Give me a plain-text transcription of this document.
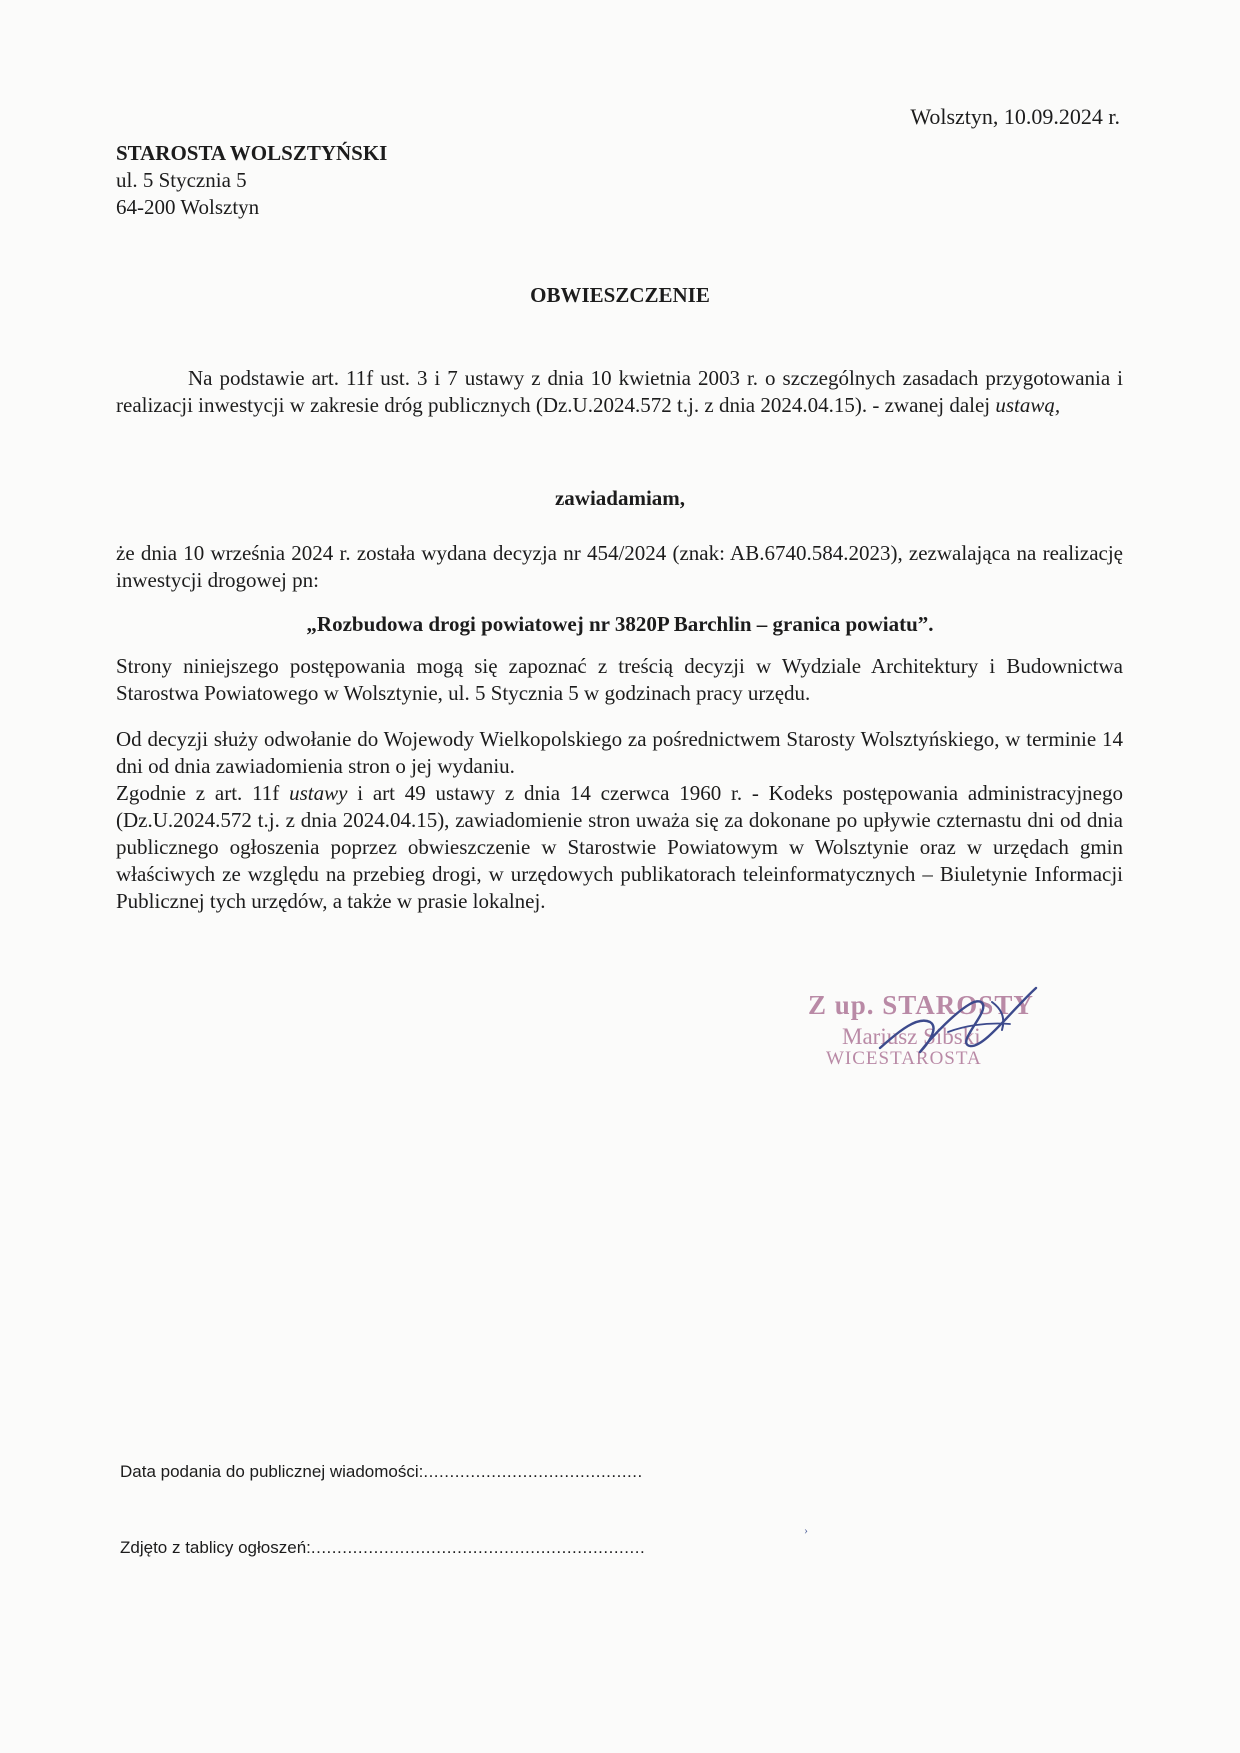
Wolsztyn, 10.09.2024 r.
STAROSTA WOLSZTYŃSKI
ul. 5 Stycznia 5
64-200 Wolsztyn
OBWIESZCZENIE
Na podstawie art. 11f ust. 3 i 7 ustawy z dnia 10 kwietnia 2003 r. o szczególnych zasadach przygotowania i realizacji inwestycji w zakresie dróg publicznych (Dz.U.2024.572 t.j. z dnia 2024.04.15). - zwanej dalej ustawą,
zawiadamiam,
że dnia 10 września 2024 r. została wydana decyzja nr 454/2024 (znak: AB.6740.584.2023), zezwalająca na realizację inwestycji drogowej pn:
„Rozbudowa drogi powiatowej nr 3820P Barchlin – granica powiatu”.
Strony niniejszego postępowania mogą się zapoznać z treścią decyzji w Wydziale Architektury i Budownictwa Starostwa Powiatowego w Wolsztynie, ul. 5 Stycznia 5 w godzinach pracy urzędu.
Od decyzji służy odwołanie do Wojewody Wielkopolskiego za pośrednictwem Starosty Wolsztyńskiego, w terminie 14 dni od dnia zawiadomienia stron o jej wydaniu.
Zgodnie z art. 11f ustawy i art 49 ustawy z dnia 14 czerwca 1960 r. - Kodeks postępowania administracyjnego (Dz.U.2024.572 t.j. z dnia 2024.04.15), zawiadomienie stron uważa się za dokonane po upływie czternastu dni od dnia publicznego ogłoszenia poprzez obwieszczenie w Starostwie Powiatowym w Wolsztynie oraz w urzędach gmin właściwych ze względu na przebieg drogi, w urzędowych publikatorach teleinformatycznych – Biuletynie Informacji Publicznej tych urzędów, a także w prasie lokalnej.
Z up. STAROSTY
Mariusz Sibski
WICESTAROSTA
Data podania do publicznej wiadomości:..........................................
Zdjęto z tablicy ogłoszeń:................................................................
›
